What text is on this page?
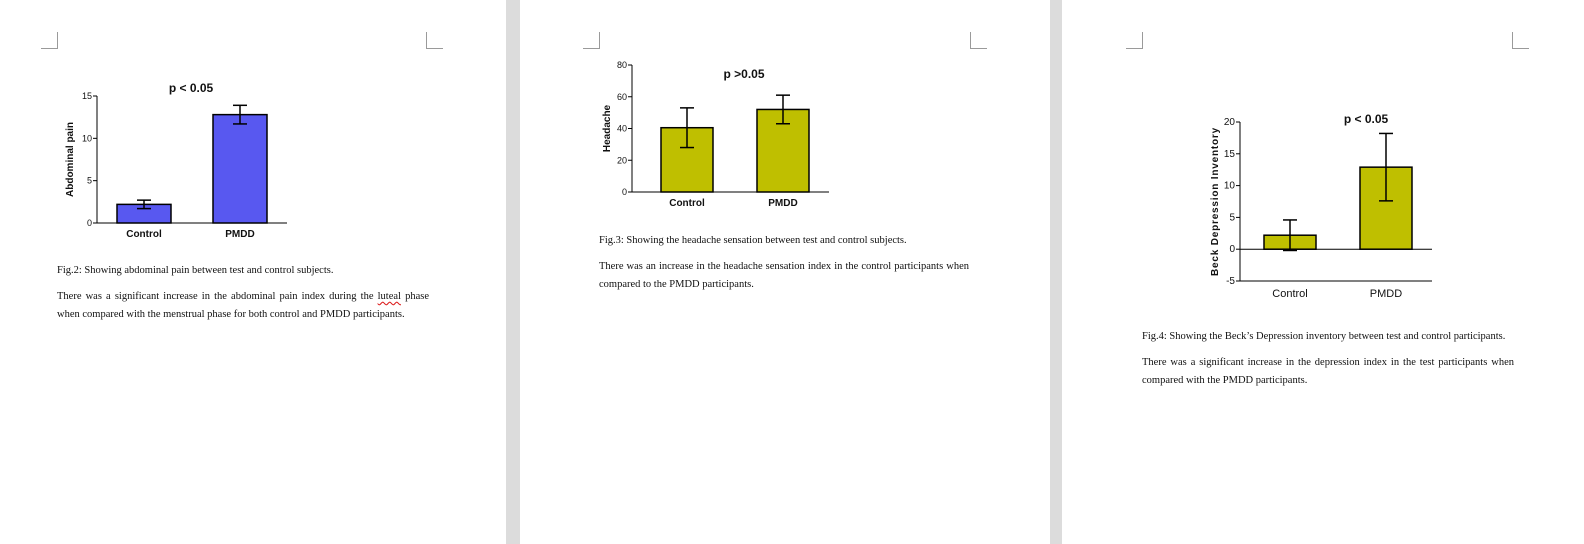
p < 0.05
Abdominal pain
0
5
10
15
Control	PMDD

Fig.2: Showing abdominal pain between test and control subjects.

There was a significant increase in the abdominal pain index during the luteal phase when compared with the menstrual phase for both control and PMDD participants.

p >0.05
Headache
0
20
40
60
80
Control	PMDD

Fig.3: Showing the headache sensation between test and control subjects.

There was an increase in the headache sensation index in the control participants when compared to the PMDD participants.

p < 0.05
Beck Depression Inventory
-5
0
5
10
15
20
Control	PMDD

Fig.4: Showing the Beck’s Depression inventory between test and control participants.

There was a significant increase in the depression index in the test participants when compared with the PMDD participants.
